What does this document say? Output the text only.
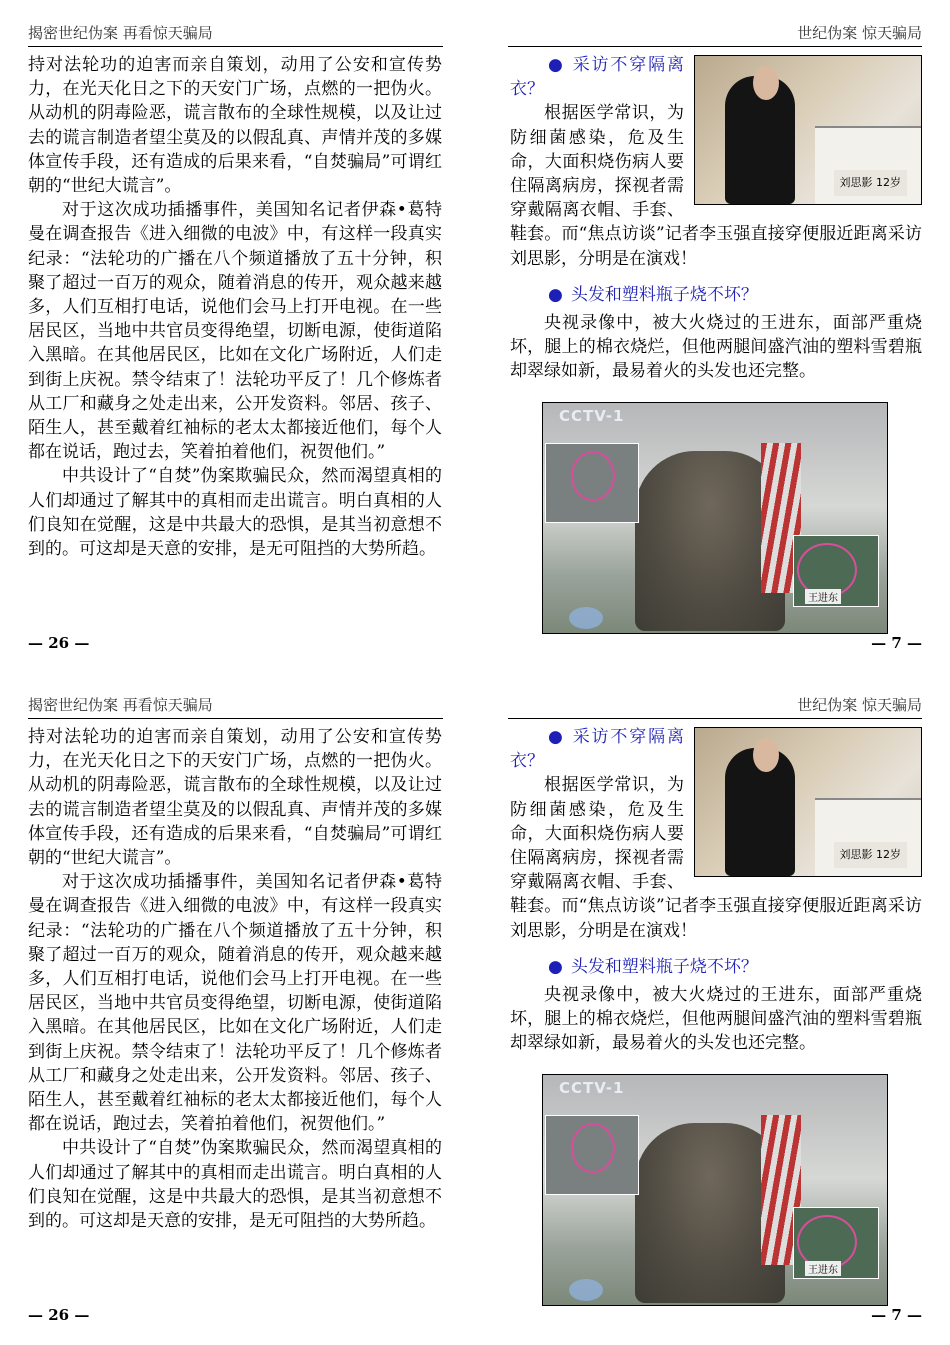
揭密世纪伪案 再看惊天骗局	世纪伪案 惊天骗局

持对法轮功的迫害而亲自策划，动用了公安和宣传势力，在光天化日之下的天安门广场，点燃的一把伪火。从动机的阴毒险恶，谎言散布的全球性规模，以及让过去的谎言制造者望尘莫及的以假乱真、声情并茂的多媒体宣传手段，还有造成的后果来看，“自焚骗局”可谓红朝的“世纪大谎言”。

对于这次成功插播事件，美国知名记者伊森•葛特曼在调查报告《进入细微的电波》中，有这样一段真实纪录：“法轮功的广播在八个频道播放了五十分钟，积聚了超过一百万的观众，随着消息的传开，观众越来越多，人们互相打电话，说他们会马上打开电视。在一些居民区，当地中共官员变得绝望，切断电源，使街道陷入黑暗。在其他居民区，比如在文化广场附近，人们走到街上庆祝。禁令结束了！法轮功平反了！几个修炼者从工厂和藏身之处走出来，公开发资料。邻居、孩子、陌生人，甚至戴着红袖标的老太太都接近他们，每个人都在说话，跑过去，笑着拍着他们，祝贺他们。”

中共设计了“自焚”伪案欺骗民众，然而渴望真相的人们却通过了解其中的真相而走出谎言。明白真相的人们良知在觉醒，这是中共最大的恐惧，是其当初意想不到的。可这却是天意的安排，是无可阻挡的大势所趋。

— 26 —
刘思影 12岁

● 采访不穿隔离衣？

根据医学常识，为防细菌感染，危及生命，大面积烧伤病人要住隔离病房，探视者需穿戴隔离衣帽、手套、鞋套。而“焦点访谈”记者李玉强直接穿便服近距离采访刘思影，分明是在演戏！

● 头发和塑料瓶子烧不坏？

央视录像中，被大火烧过的王进东，面部严重烧坏，腿上的棉衣烧烂，但他两腿间盛汽油的塑料雪碧瓶却翠绿如新，最易着火的头发也还完整。

CCTV-1
王进东
— 7 —
揭密世纪伪案 再看惊天骗局	世纪伪案 惊天骗局

持对法轮功的迫害而亲自策划，动用了公安和宣传势力，在光天化日之下的天安门广场，点燃的一把伪火。从动机的阴毒险恶，谎言散布的全球性规模，以及让过去的谎言制造者望尘莫及的以假乱真、声情并茂的多媒体宣传手段，还有造成的后果来看，“自焚骗局”可谓红朝的“世纪大谎言”。

对于这次成功插播事件，美国知名记者伊森•葛特曼在调查报告《进入细微的电波》中，有这样一段真实纪录：“法轮功的广播在八个频道播放了五十分钟，积聚了超过一百万的观众，随着消息的传开，观众越来越多，人们互相打电话，说他们会马上打开电视。在一些居民区，当地中共官员变得绝望，切断电源，使街道陷入黑暗。在其他居民区，比如在文化广场附近，人们走到街上庆祝。禁令结束了！法轮功平反了！几个修炼者从工厂和藏身之处走出来，公开发资料。邻居、孩子、陌生人，甚至戴着红袖标的老太太都接近他们，每个人都在说话，跑过去，笑着拍着他们，祝贺他们。”

中共设计了“自焚”伪案欺骗民众，然而渴望真相的人们却通过了解其中的真相而走出谎言。明白真相的人们良知在觉醒，这是中共最大的恐惧，是其当初意想不到的。可这却是天意的安排，是无可阻挡的大势所趋。

— 26 —
刘思影 12岁

● 采访不穿隔离衣？

根据医学常识，为防细菌感染，危及生命，大面积烧伤病人要住隔离病房，探视者需穿戴隔离衣帽、手套、鞋套。而“焦点访谈”记者李玉强直接穿便服近距离采访刘思影，分明是在演戏！

● 头发和塑料瓶子烧不坏？

央视录像中，被大火烧过的王进东，面部严重烧坏，腿上的棉衣烧烂，但他两腿间盛汽油的塑料雪碧瓶却翠绿如新，最易着火的头发也还完整。

CCTV-1
王进东
— 7 —
